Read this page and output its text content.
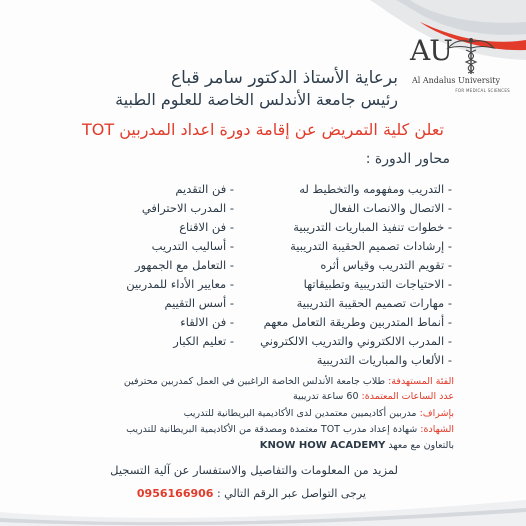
AU
Al Andalus University
FOR MEDICAL SCIENCES
برعاية الأستاذ الدكتور سامر قباع
رئيس جامعة الأندلس الخاصة للعلوم الطبية
تعلن كلية التمريض عن إقامة دورة اعداد المدربين TOT
محاور الدورة :
- التدريب ومفهومه والتخطيط له
- الاتصال والانصات الفعال
- خطوات تنفيذ المباريات التدريبية
- إرشادات تصميم الحقيبة التدريبية
- تقويم التدريب وقياس أثره
- الاحتياجات التدريبية وتطبيقاتها
- مهارات تصميم الحقيبة التدريبية
- أنماط المتدربين وطريقة التعامل معهم
- المدرب الالكتروني والتدريب الالكتروني
- الألعاب والمباريات التدريبية
- فن التقديم
- المدرب الاحترافي
- فن الاقناع
- أساليب التدريب
- التعامل مع الجمهور
- معايير الأداء للمدربين
- أسس التقييم
- فن الالقاء
- تعليم الكبار
الفئة المستهدفة: طلاب جامعة الأندلس الخاصة الراغبين في العمل كمدربين محترفين
عدد الساعات المعتمدة: 60 ساعة تدريبية
بإشراف: مدربين أكاديميين معتمدين لدى الأكاديمية البريطانية للتدريب
الشهادة: شهادة إعداد مدرب TOT معتمدة ومصدقة من الأكاديمية البريطانية للتدريب
بالتعاون مع معهد KNOW HOW ACADEMY
لمزيد من المعلومات والتفاصيل والاستفسار عن آلية التسجيل
يرجى التواصل عبر الرقم التالي : 0956166906
